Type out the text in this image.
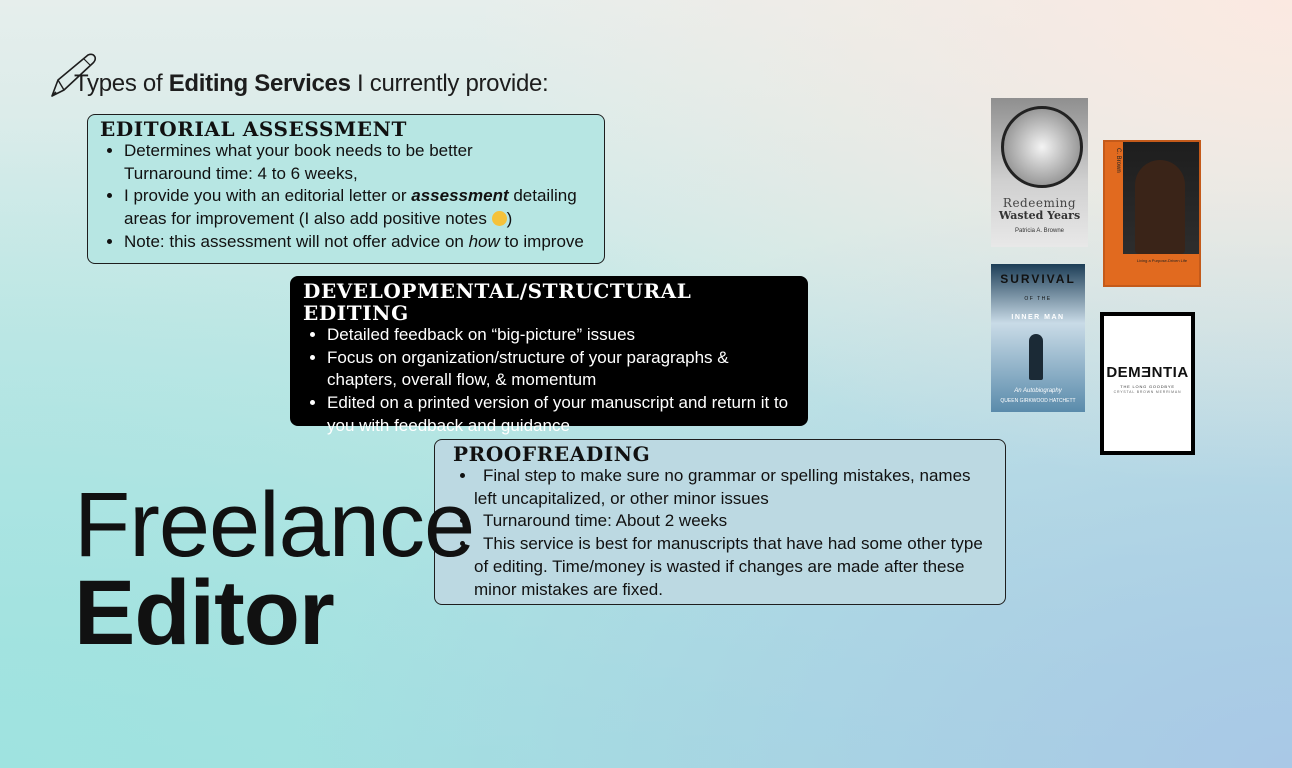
Types of Editing Services I currently provide:
EDITORIAL ASSESSMENT
• Determines what your book needs to be better
Turnaround time: 4 to 6 weeks,
• I provide you with an editorial letter or assessment detailing areas for improvement (I also add positive notes )
• Note: this assessment will not offer advice on how to improve
DEVELOPMENTAL/STRUCTURAL EDITING
• Detailed feedback on “big-picture” issues
• Focus on organization/structure of your paragraphs & chapters, overall flow, & momentum
• Edited on a printed version of your manuscript and return it to you with feedback and guidance
PROOFREADING
• Final step to make sure no grammar or spelling mistakes, names left uncapitalized, or other minor issues
• Turnaround time: About 2 weeks
• This service is best for manuscripts that have had some other type of editing. Time/money is wasted if changes are made after these minor mistakes are fixed.
Freelance
Editor
Redeeming
Wasted Years
Patricia A. Browne
C. Brown
Living a Purpose-Driven Life
SURVIVAL
OF THE
INNER MAN
An Autobiography
QUEEN GIRKWOOD HATCHETT
DEMƎNTIA
THE LONG GOODBYE
CRYSTAL BROWN MERRIMAN
